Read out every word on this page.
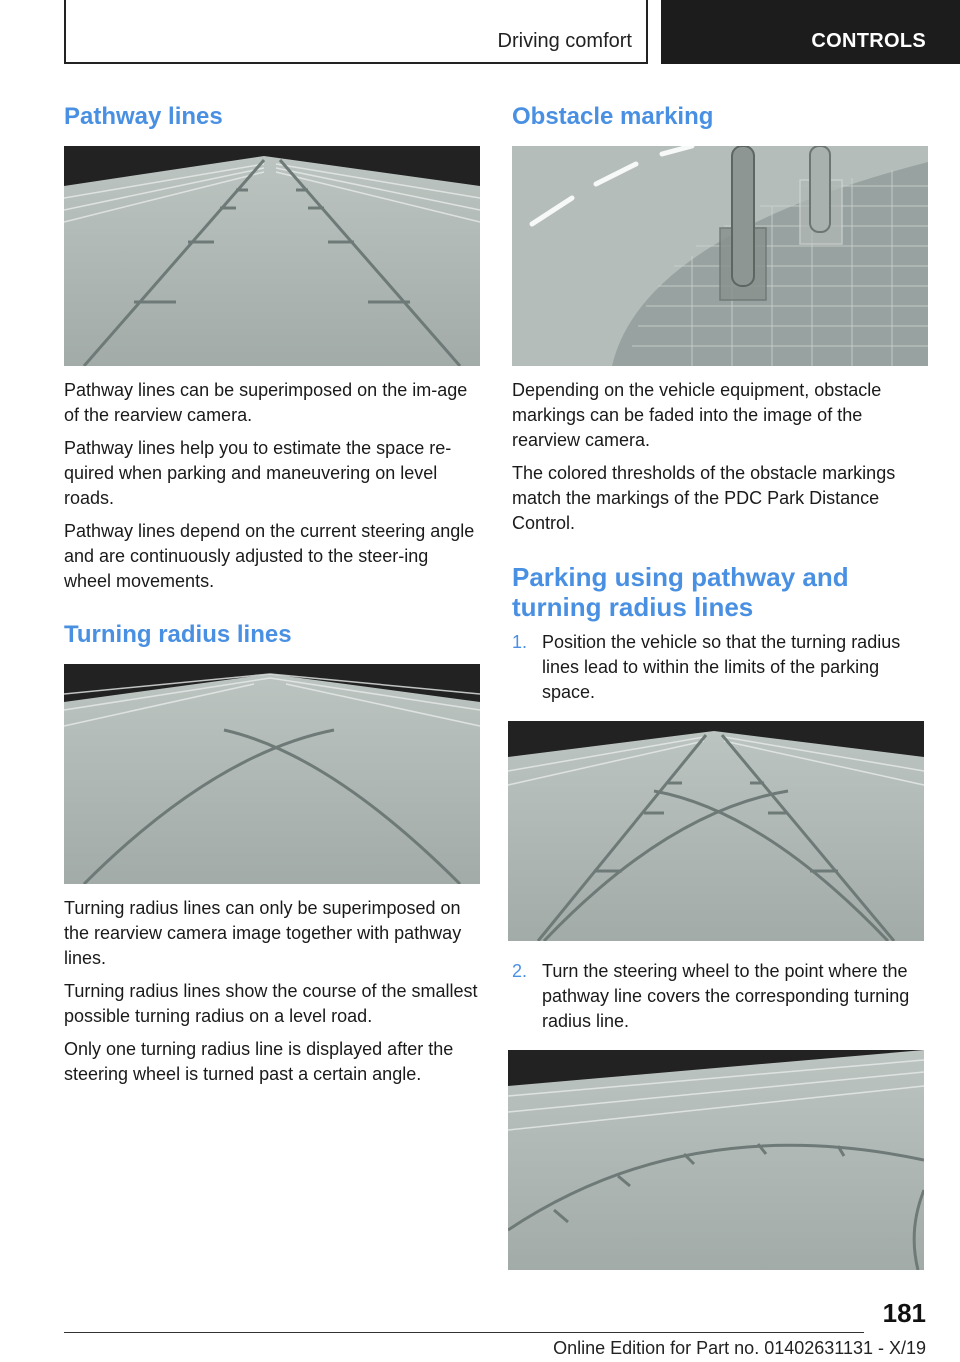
Driving comfort	CONTROLS
Pathway lines

Pathway lines can be superimposed on the im-age of the rearview camera.

Pathway lines help you to estimate the space re-quired when parking and maneuvering on level roads.

Pathway lines depend on the current steering angle and are continuously adjusted to the steer-ing wheel movements.

Turning radius lines

Turning radius lines can only be superimposed on the rearview camera image together with pathway lines.

Turning radius lines show the course of the smallest possible turning radius on a level road.

Only one turning radius line is displayed after the steering wheel is turned past a certain angle.

Obstacle marking

Depending on the vehicle equipment, obstacle markings can be faded into the image of the rearview camera.

The colored thresholds of the obstacle markings match the markings of the PDC Park Distance Control.

Parking using pathway and turning radius lines
1. Position the vehicle so that the turning radius lines lead to within the limits of the parking space.
2. Turn the steering wheel to the point where the pathway line covers the corresponding turning radius line.
181
Online Edition for Part no. 01402631131 - X/19
